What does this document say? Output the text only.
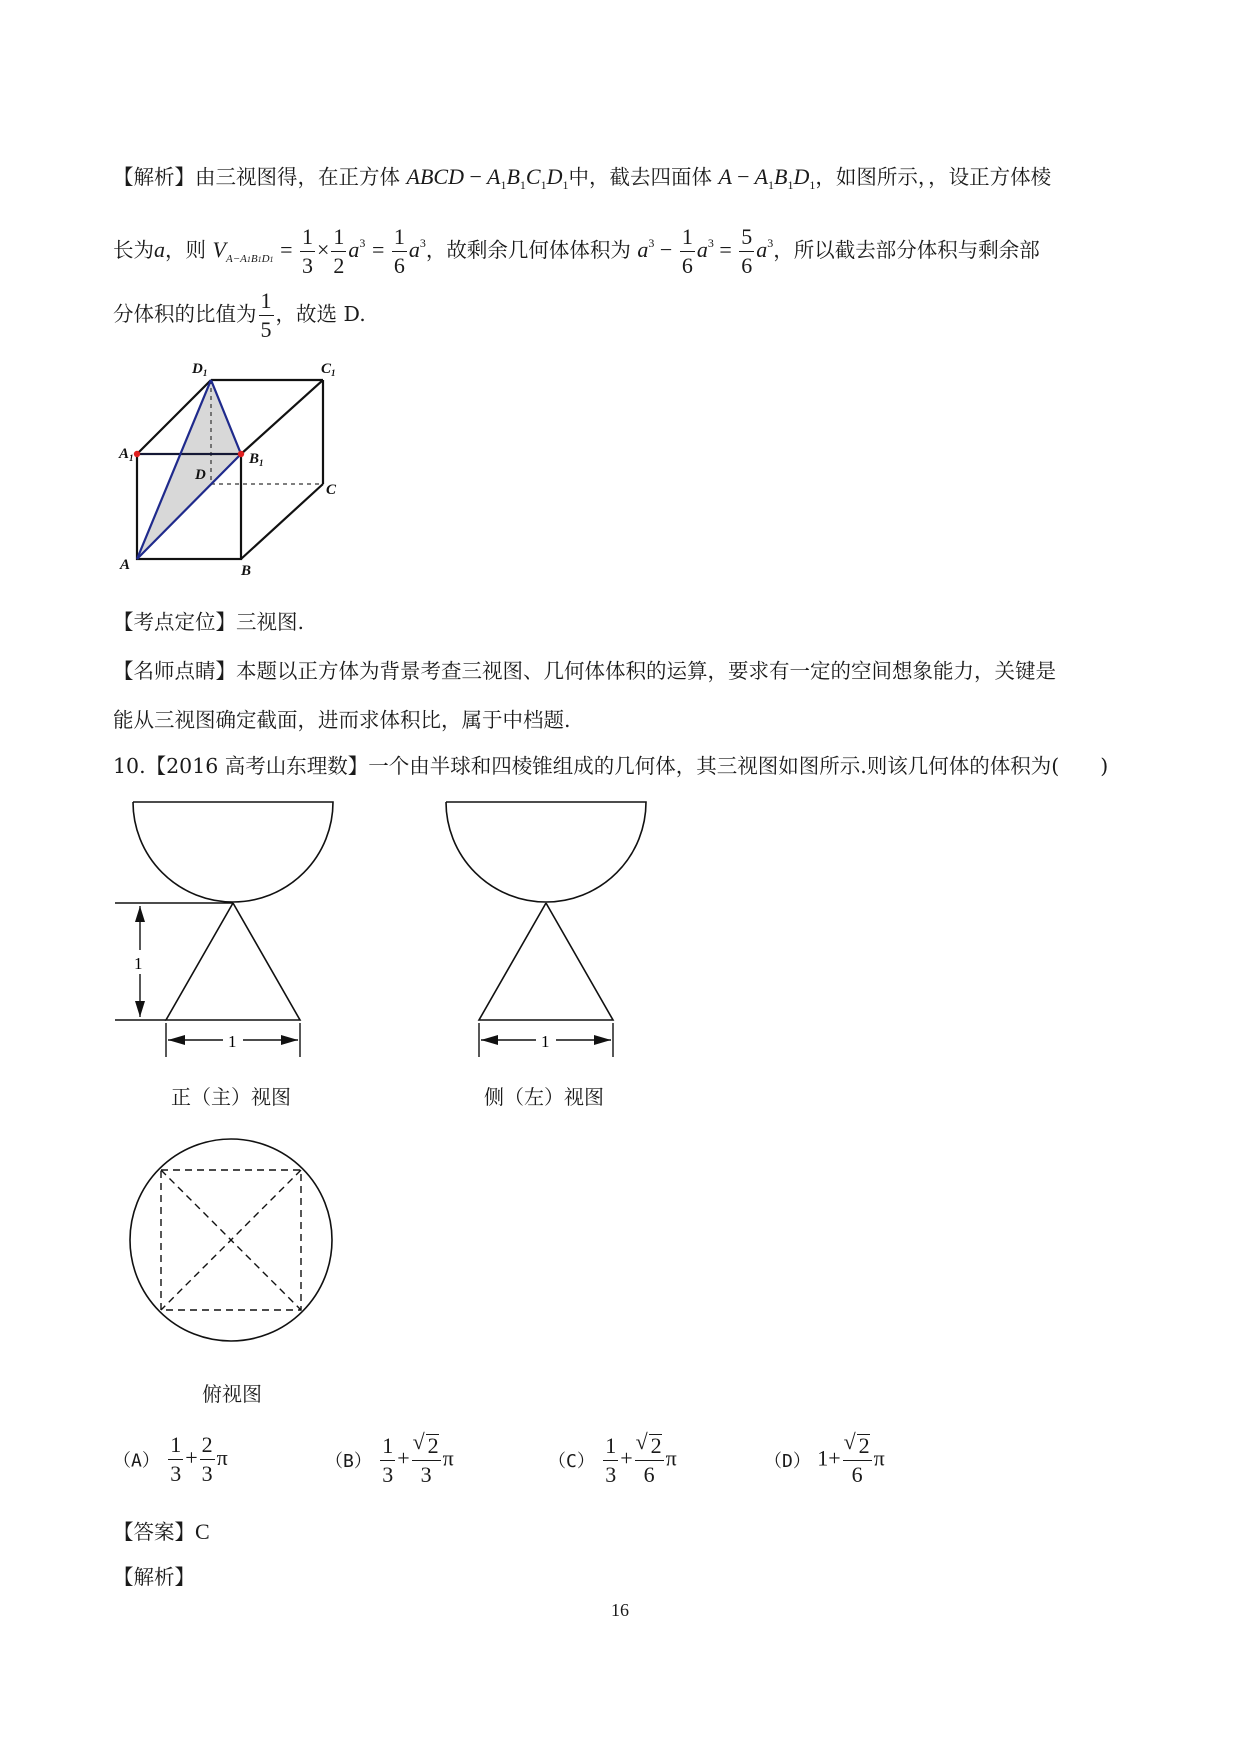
【解析】由三视图得，在正方体 ABCD − $A_1B_1C_1D_1$中，截去四面体 $A - A_1B_1D_1$，如图所示，，设正方体棱
长为a，则 $V_{A-A1B1D1} = \frac{1}{3} \times \frac{1}{2} a^3 = \frac{1}{6} a^3$，故剩余几何体体积为 $a^3 - \frac{1}{6} a^3 = \frac{5}{6} a^3$，所以截去部分体积与剩余部
分体积的比值为 $\frac{1}{5}$ ，故选 D.
$D_1$	$C_1$
$A_1$	$B_1$
D
C
A	B
【考点定位】三视图.
【名师点睛】本题以正方体为背景考查三视图、几何体体积的运算，要求有一定的空间想象能力，关键是
能从三视图确定截面，进而求体积比，属于中档题.
10.【2016 高考山东理数】一个由半球和四棱锥组成的几何体，其三视图如图所示.则该几何体的体积为(　　)
1
1
正（主）视图
1
侧（左）视图
俯视图
$(A) \frac{1}{3} + \frac{2}{3}$ π	$(B) \frac{1}{3}$ + √ $\frac{2}{3}$ π	$(C) \frac{1}{3}$ + √ $\frac{2}{6}$ π	（D） 1+ √ $\frac{2}{6}$ π
【答案】C
【解析】
16
